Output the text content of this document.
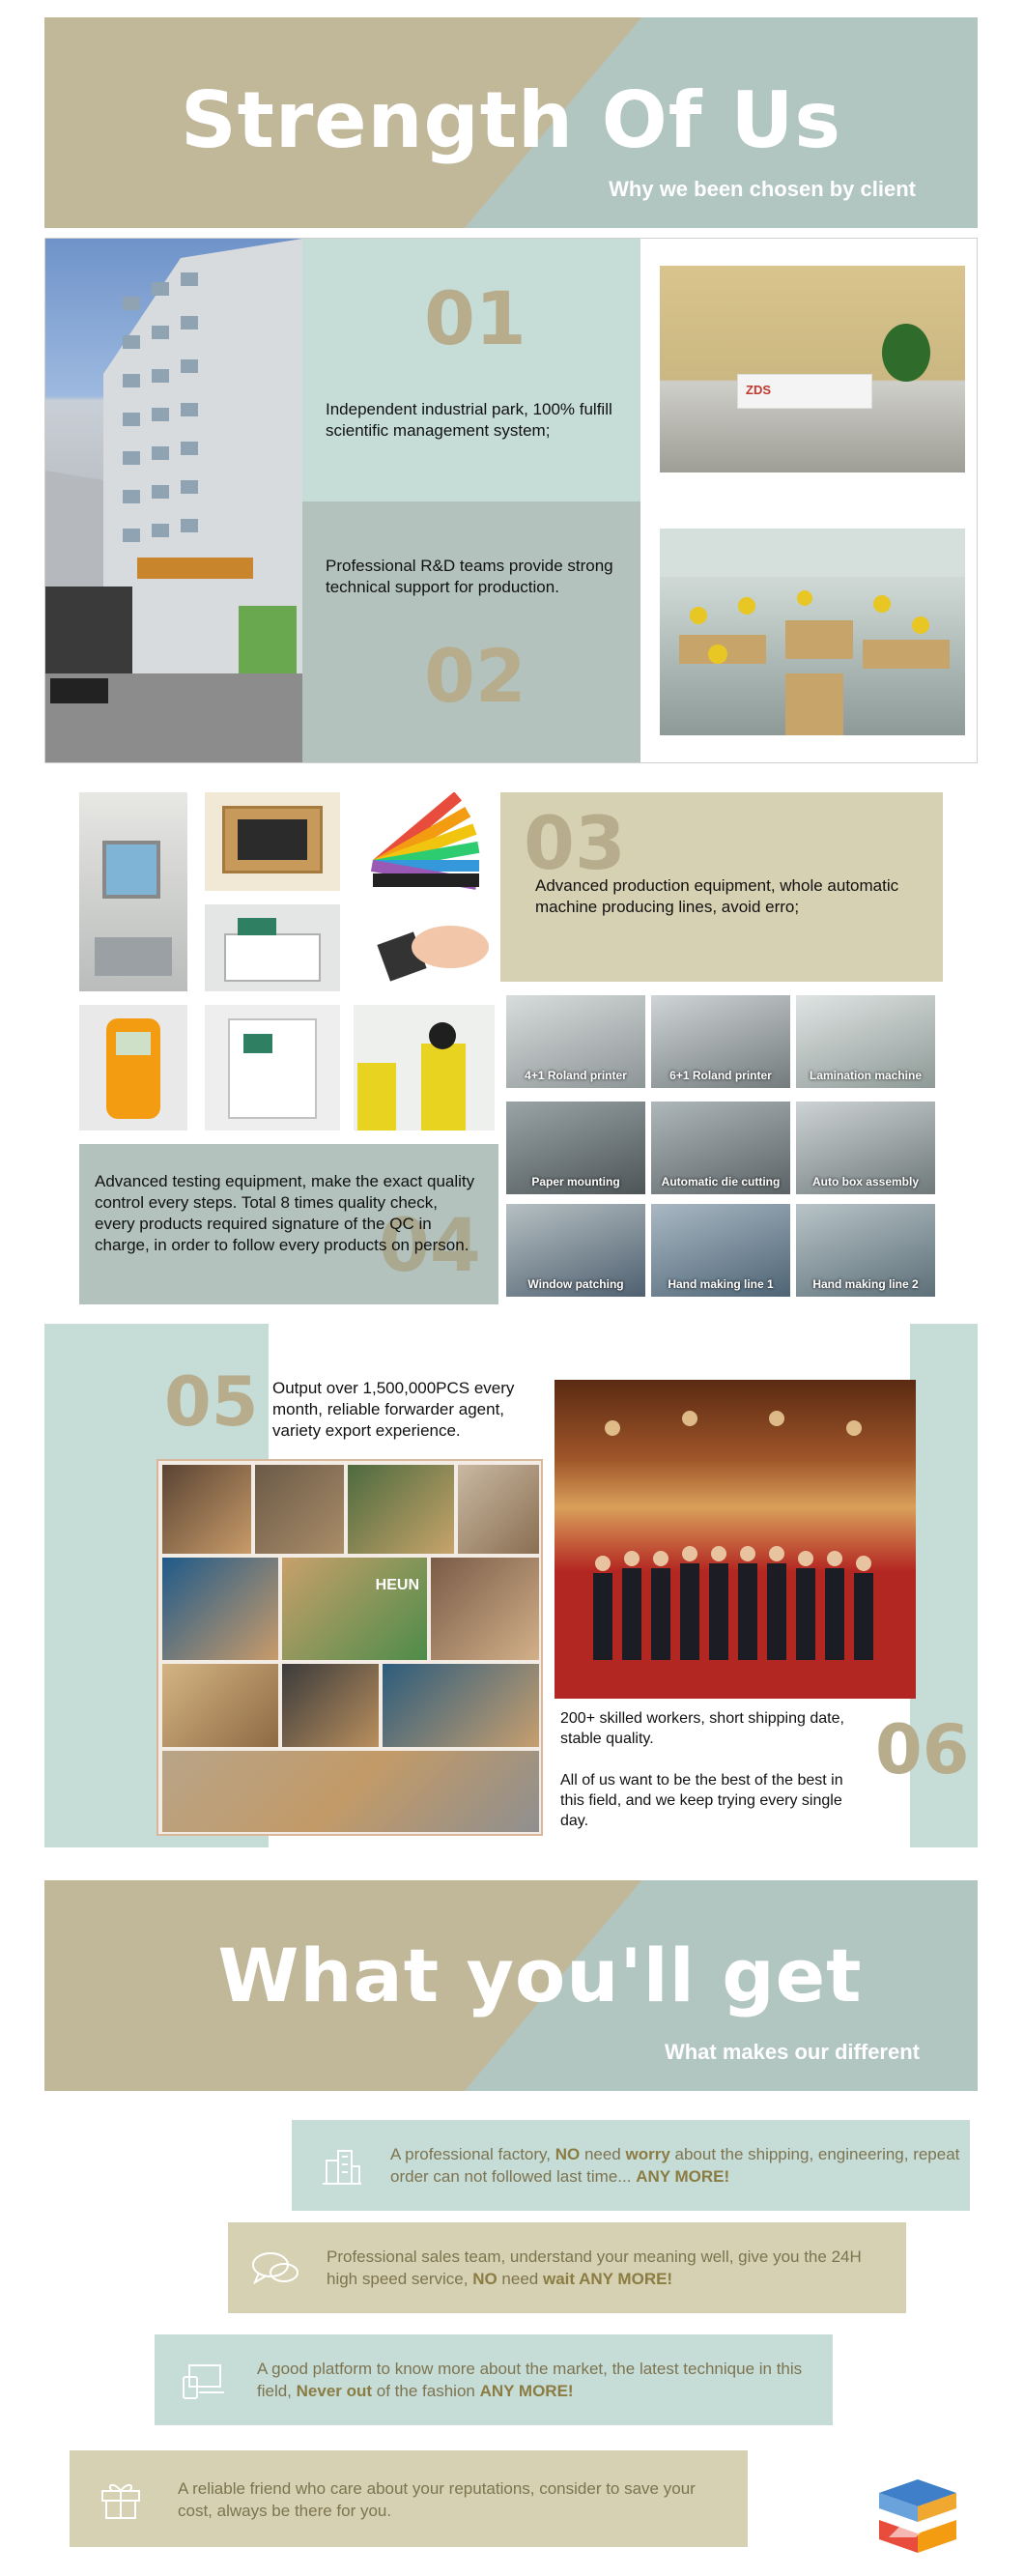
Strength Of Us
Why we been chosen by client
01
Independent industrial park, 100% fulfill scientific management system;
Professional R&D teams provide strong technical support for production.
02
ZDS
03
Advanced production equipment, whole automatic machine producing lines, avoid erro;
4+1 Roland printer	6+1 Roland printer	Lamination machine
Paper mounting	Automatic die cutting	Auto box assembly
Window patching	Hand making line 1	Hand making line 2
04
Advanced testing equipment, make the exact quality control every steps. Total 8 times quality check, every products required signature of the QC in charge, in order to follow every products on person.
05 Output over 1,500,000PCS every month, reliable forwarder agent, variety export experience.
HEUN
200+ skilled workers, short shipping date, stable quality.
All of us want to be the best of the best in this field, and we keep trying every single day.
06
What you'll get
What makes our different
A professional factory, NO need worry about the shipping, engineering, repeat order can not followed last time... ANY MORE!
Professional sales team, understand your meaning well, give you the 24H high speed service, NO need wait ANY MORE!
A good platform to know more about the market, the latest technique in this field, Never out of the fashion ANY MORE!
A reliable friend who care about your reputations, consider to save your cost, always be there for you.
